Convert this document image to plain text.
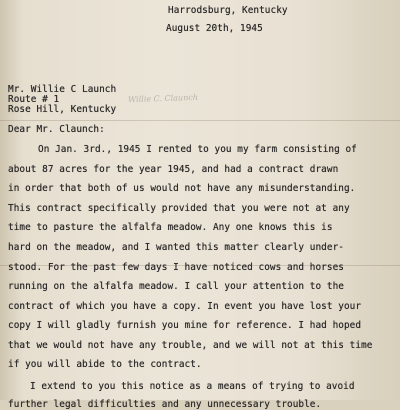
Harrodsburg, Kentucky
August 20th, 1945
Mr. Willie C Launch
Route # 1
Rose Hill, Kentucky
Willie C. Claunch
Dear Mr. Claunch:
On Jan. 3rd., 1945 I rented to you my farm consisting of
about 87 acres for the year 1945, and had a contract drawn
in order that both of us would not have any misunderstanding.
This contract specifically provided that you were not at any
time to pasture the alfalfa meadow. Any one knows this is
hard on the meadow, and I wanted this matter clearly under-
stood. For the past few days I have noticed cows and horses
running on the alfalfa meadow. I call your attention to the
contract of which you have a copy. In event you have lost your
copy I will gladly furnish you mine for reference. I had hoped
that we would not have any trouble, and we will not at this time
if you will abide to the contract.
I extend to you this notice as a means of trying to avoid
further legal difficulties and any unnecessary trouble.
